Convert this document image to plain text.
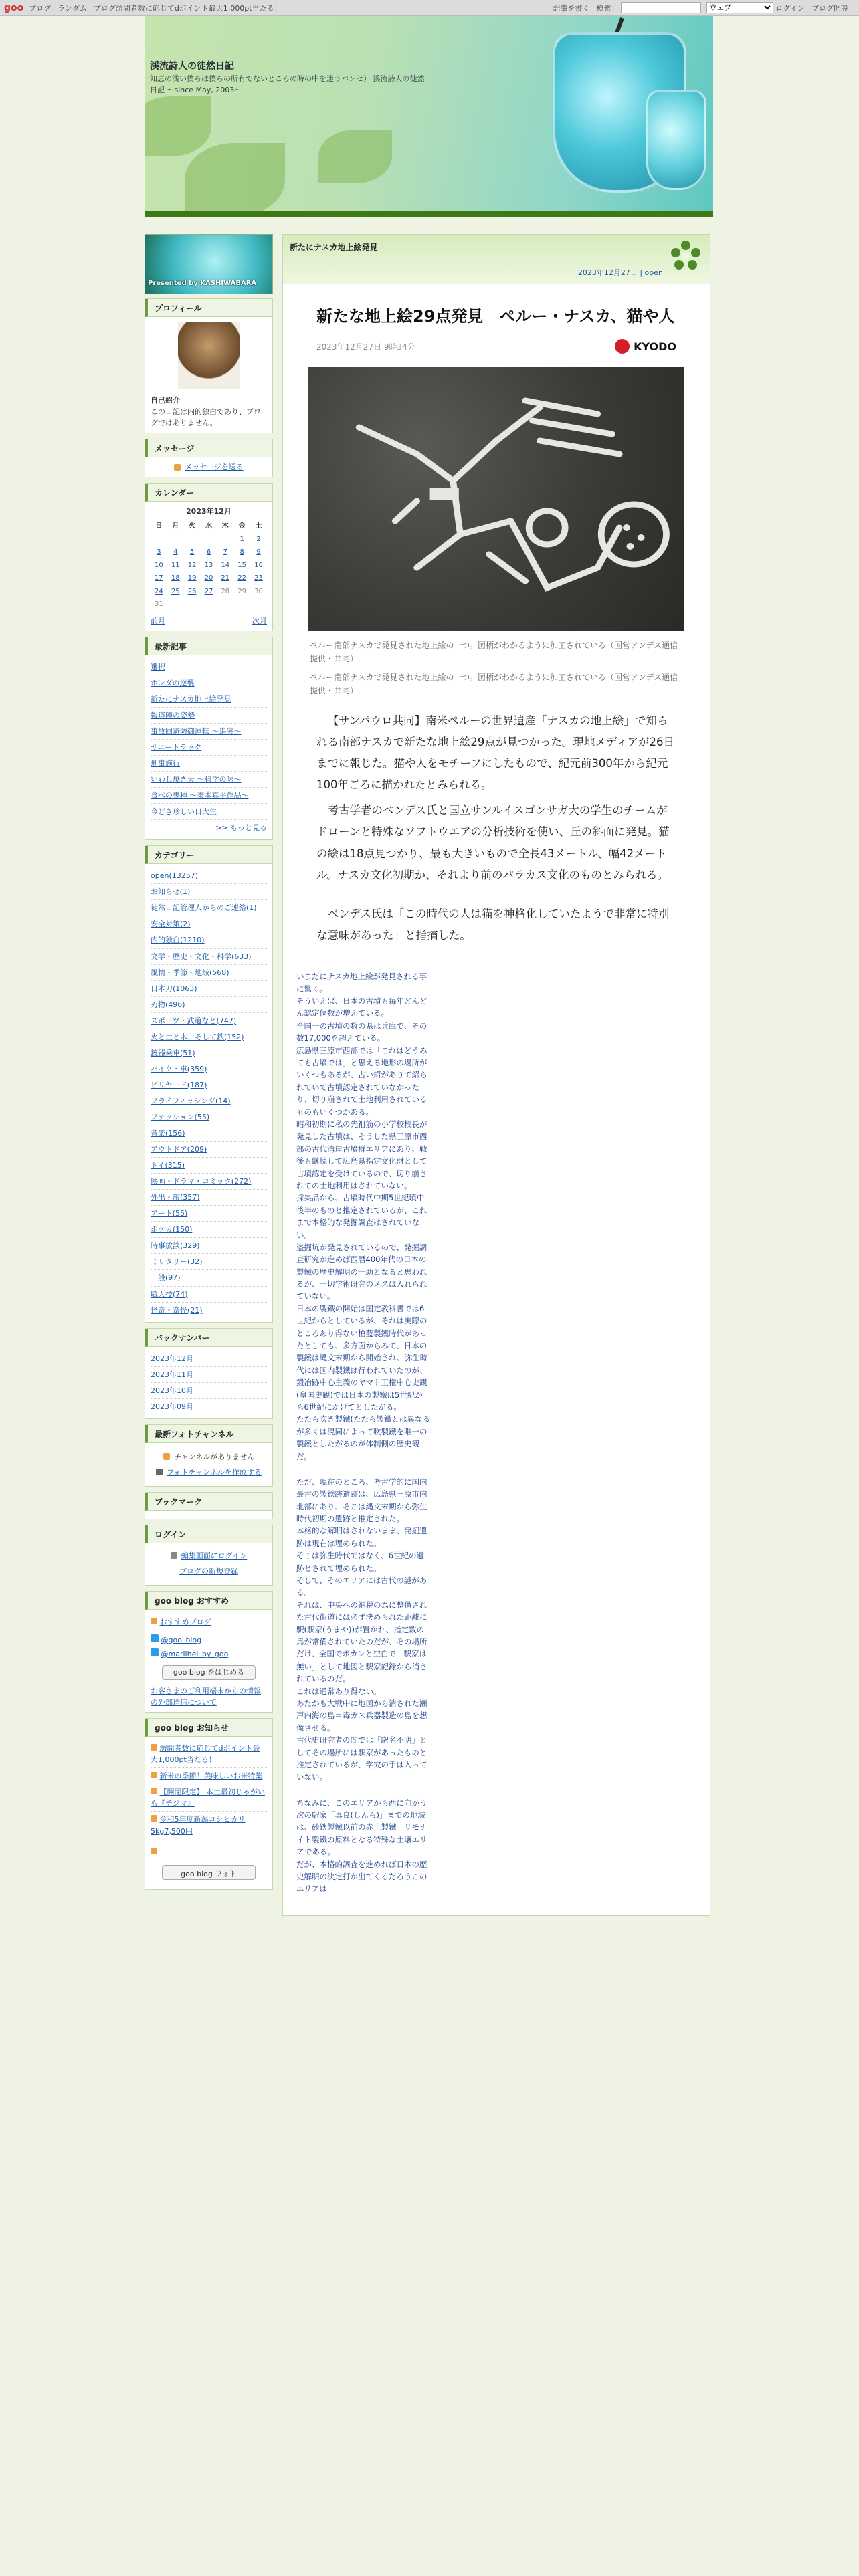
goo ブログ ランダム ブログ訪問者数に応じてdポイント最大1,000pt当たる！	記事を書く 検索
ウェブ	ログイン ブログ開設
渓流詩人の徒然日記
知恵の浅い僕らは僕らの所有でないところの時の中を迷うパンセ） 渓流詩人の徒然日記 ～since May, 2003～
Presented by KASHIWABARA
プロフィール
自己紹介
この日記は内的独白であり、ブログではありません。
メッセージ
メッセージを送る
カレンダー
2023年12月
日	月	火	水	木	金	土
					1	2
3	4	5	6	7	8	9
10	11	12	13	14	15	16
17	18	19	20	21	22	23
24	25	26	27	28	29	30
31						
前月	次月
最新記事
選択
ホンダの逆襲
新たにナスカ地上絵発見
報道陣の姿勢
事故回避防御運転 ～追突～
サニートラック
刑事施行
いわし焼き天 ～科学の味～
食べの喪種 ～東本真平作品～
今どき珍しい日大生
>> もっと見る
カテゴリー
open(13257)
お知らせ(1)
徒然日記管理人からのご連絡(1)
安全対策(2)
内的独白(1210)
文学・歴史・文化・科学(633)
風情・季節・地域(568)
日本刀(1063)
刃物(496)
スポーツ・武道など(747)
火と土と木、そして鉄(152)
銃器乗車(51)
バイク・車(359)
ビリヤード(187)
フライフィッシング(14)
ファッション(55)
音楽(156)
アウトドア(209)
トイ(315)
映画・ドラマ・コミック(272)
外出・旅(357)
アート(55)
ポケカ(150)
時事放談(329)
ミリタリー(32)
一般(97)
職人技(74)
怪奇・奇怪(21)
バックナンバー
2023年12月
2023年11月
2023年10月
2023年09月
最新フォトチャンネル
チャンネルがありません
フォトチャンネルを作成する
ブックマーク
ログイン
編集画面にログイン
ブログの新規登録
goo blog おすすめ
おすすめブログ
@goo_blog
@mariihel_by_goo
goo blog をはじめる
お客さまのご利用端末からの情報の外部送信について
goo blog お知らせ
訪問者数に応じてdポイント最大1,000pt当たる！
新米の季節！美味しいお米特集
【開閉限定】 本土最初じゃがいも『チジマ』
令和5年度新潟コシヒカリ5kg7,500円
goo blog フォト
新たにナスカ地上絵発見
2023年12月27日 | open
新たな地上絵29点発見　ペルー・ナスカ、猫や人
2023年12月27日 9時34分	KYODO
ペルー南部ナスカで発見された地上絵の一つ。図柄がわかるように加工されている（国営アンデス通信提供・共同）
ペルー南部ナスカで発見された地上絵の一つ。図柄がわかるように加工されている（国営アンデス通信提供・共同）

【サンパウロ共同】南米ペルーの世界遺産「ナスカの地上絵」で知られる南部ナスカで新たな地上絵29点が見つかった。現地メディアが26日までに報じた。猫や人をモチーフにしたもので、紀元前300年から紀元100年ごろに描かれたとみられる。

考古学者のベンデス氏と国立サンルイスゴンサガ大の学生のチームがドローンと特殊なソフトウエアの分析技術を使い、丘の斜面に発見。猫の絵は18点見つかり、最も大きいもので全長43メートル、幅42メートル。ナスカ文化初期か、それより前のパラカス文化のものとみられる。

ベンデス氏は「この時代の人は猫を神格化していたようで非常に特別な意味があった」と指摘した。

いまだにナスカ地上絵が発見される事に驚く。

そういえば、日本の古墳も毎年どんどん認定個数が増えている。

全国一の古墳の数の県は兵庫で、その数17,000を超えている。

広島県三原市西部では「これはどうみても古墳では」と思える地形の場所がいくつもあるが、古い紹がありて紹られていて古墳認定されていなかったり、切り崩されて土地利用されているものもいくつかある。

昭和初期に私の先祖筋の小学校校長が発見した古墳は、そうした県三原市西部の古代湾岸古墳群エリアにあり、戦後も継続して広島県指定文化財として古墳認定を受けているので、切り崩されての土地利用はされていない。

採集品から、古墳時代中期5世紀頃中後半のものと推定されているが、これまで本格的な発掘調査はされていない。

盗掘坑が発見されているので、発掘調査研究が進めば西暦400年代の日本の製鐵の歴史解明の一助となると思われるが、一切学術研究のメスは入れられていない。

日本の製鐵の開始は国定教科書では6世紀からとしているが、それは実際のところあり得ない槍藍製鐵時代があったとしても、多方面からみて、日本の製鐵は縄文末期から開始され、弥生時代には国内製鐵は行われていたのが、鍛冶跡中心主義のヤマト王権中心史観(皇国史観)では日本の製鐵は5世紀から6世紀にかけてとしたがる。

たたら吹き製鐵(たたら製鐵とは異なるが多くは混同によって吹製鐵を唯一の製鐵としたがるのが体制側の歴史観だ。

ただ、現在のところ、考古学的に国内最古の製鉄跡遺跡は、広島県三原市内北部にあり、そこは縄文末期から弥生時代初期の遺跡と推定された。

本格的な解明はされないまま、発掘遺跡は現在は埋められた。

そこは弥生時代ではなく、6世紀の遺跡とされて埋められた。

そして、そのエリアには古代の謎がある。

それは、中央への納税の為に整備された古代街道には必ず決められた距離に駅(駅家(うまや))が置かれ、指定数の馬が常備されていたのだが、その場所だけ、全国でポカンと空白で「駅家は無い」として地図と駅家記録から消されているのだ。

これは通常あり得ない。

あたかも大戦中に地図から消された瀬戸内海の島＝毒ガス兵器製造の島を想像させる。

古代史研究者の間では「駅名不明」としてその場所には駅家があったものと推定されているが、学究の手は入っていない。

ちなみに、このエリアから西に向かう次の駅家「真良(しんら)」までの地域は、砂鉄製鐵以前の赤土製鐵＝リモナイト製鐵の原料となる特殊な土壌エリアである。

だが、本格的調査を進めれば日本の歴史解明の決定打が出てくるだろうこのエリアは
